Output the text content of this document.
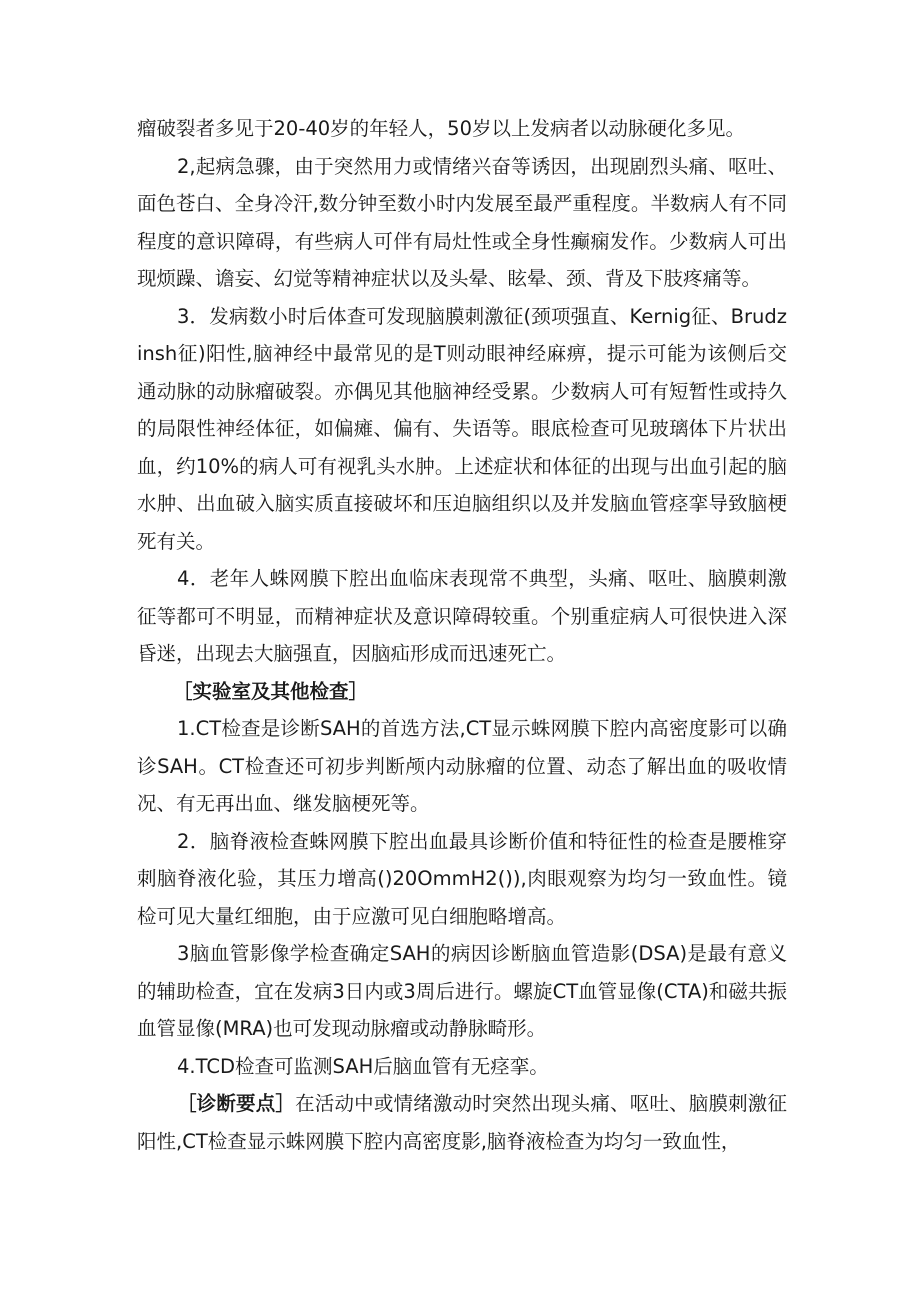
瘤破裂者多见于20-40岁的年轻人，50岁以上发病者以动脉硬化多见。

2,起病急骤，由于突然用力或情绪兴奋等诱因，出现剧烈头痛、呕吐、面色苍白、全身冷汗,数分钟至数小时内发展至最严重程度。半数病人有不同程度的意识障碍，有些病人可伴有局灶性或全身性癫痫发作。少数病人可出现烦躁、谵妄、幻觉等精神症状以及头晕、眩晕、颈、背及下肢疼痛等。

3．发病数小时后体查可发现脑膜刺激征(颈项强直、Kernig征、Brudzinsh征)阳性,脑神经中最常见的是T则动眼神经麻痹，提示可能为该侧后交通动脉的动脉瘤破裂。亦偶见其他脑神经受累。少数病人可有短暂性或持久的局限性神经体征，如偏瘫、偏有、失语等。眼底检查可见玻璃体下片状出血，约10%的病人可有视乳头水肿。上述症状和体征的出现与出血引起的脑水肿、出血破入脑实质直接破坏和压迫脑组织以及并发脑血管痉挛导致脑梗死有关。

4．老年人蛛网膜下腔出血临床表现常不典型，头痛、呕吐、脑膜刺激征等都可不明显，而精神症状及意识障碍较重。个别重症病人可很快进入深昏迷，出现去大脑强直，因脑疝形成而迅速死亡。

［实验室及其他检查］

1.CT检查是诊断SAH的首选方法,CT显示蛛网膜下腔内高密度影可以确诊SAH。CT检查还可初步判断颅内动脉瘤的位置、动态了解出血的吸收情况、有无再出血、继发脑梗死等。

2．脑脊液检查蛛网膜下腔出血最具诊断价值和特征性的检查是腰椎穿刺脑脊液化验，其压力增高()20OmmH2()),肉眼观察为均匀一致血性。镜检可见大量红细胞，由于应激可见白细胞略增高。

3脑血管影像学检查确定SAH的病因诊断脑血管造影(DSA)是最有意义的辅助检查，宜在发病3日内或3周后进行。螺旋CT血管显像(CTA)和磁共振血管显像(MRA)也可发现动脉瘤或动静脉畸形。

4.TCD检查可监测SAH后脑血管有无痉挛。

［诊断要点］在活动中或情绪激动时突然出现头痛、呕吐、脑膜刺激征阳性,CT检查显示蛛网膜下腔内高密度影,脑脊液检查为均匀一致血性，
